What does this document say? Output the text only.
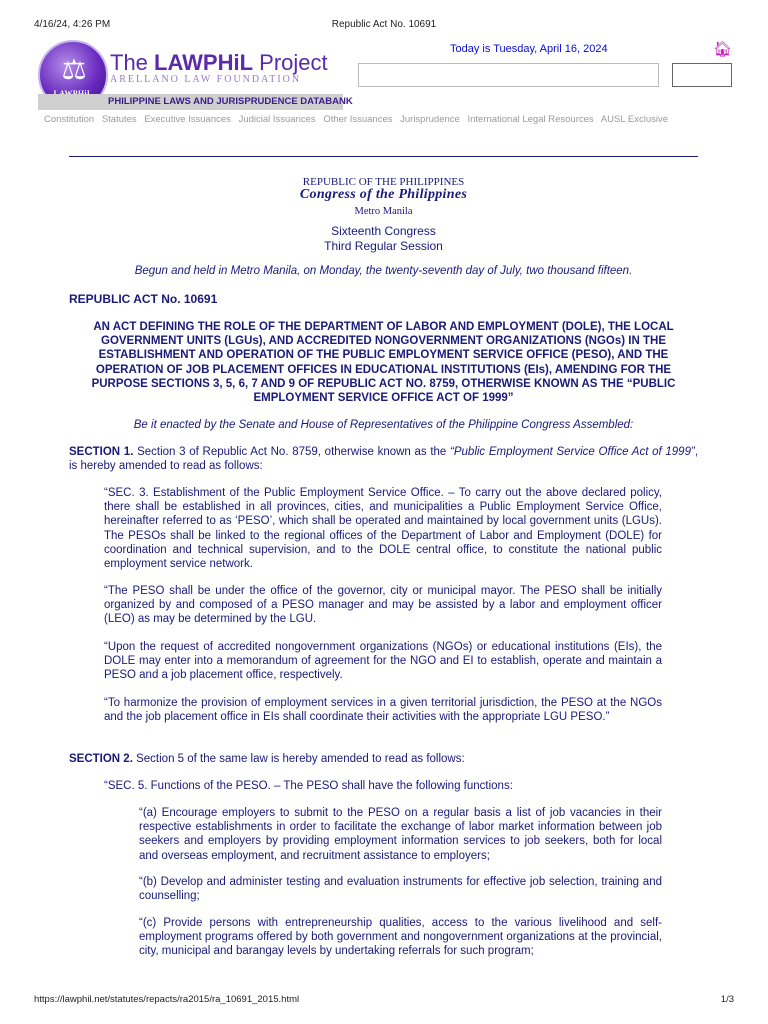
4/16/24, 4:26 PM	Republic Act No. 10691
⚖ The LAWPHiL Project
ARELLANO LAW FOUNDATION
PHILIPPINE LAWS AND JURISPRUDENCE DATABANK
Today is Tuesday, April 16, 2024	🏠︎
Constitution Statutes Executive Issuances Judicial Issuances Other Issuances Jurisprudence International Legal Resources AUSL Exclusive
REPUBLIC OF THE PHILIPPINES
Congress of the Philippines
Metro Manila
Sixteenth Congress
Third Regular Session
Begun and held in Metro Manila, on Monday, the twenty-seventh day of July, two thousand fifteen.
REPUBLIC ACT No. 10691
AN ACT DEFINING THE ROLE OF THE DEPARTMENT OF LABOR AND EMPLOYMENT (DOLE), THE LOCAL GOVERNMENT UNITS (LGUs), AND ACCREDITED NONGOVERNMENT ORGANIZATIONS (NGOs) IN THE ESTABLISHMENT AND OPERATION OF THE PUBLIC EMPLOYMENT SERVICE OFFICE (PESO), AND THE OPERATION OF JOB PLACEMENT OFFICES IN EDUCATIONAL INSTITUTIONS (EIs), AMENDING FOR THE PURPOSE SECTIONS 3, 5, 6, 7 AND 9 OF REPUBLIC ACT NO. 8759, OTHERWISE KNOWN AS THE “PUBLIC EMPLOYMENT SERVICE OFFICE ACT OF 1999”
Be it enacted by the Senate and House of Representatives of the Philippine Congress Assembled:
SECTION 1. Section 3 of Republic Act No. 8759, otherwise known as the “Public Employment Service Office Act of 1999”, is hereby amended to read as follows:
“SEC. 3. Establishment of the Public Employment Service Office. – To carry out the above declared policy, there shall be established in all provinces, cities, and municipalities a Public Employment Service Office, hereinafter referred to as ‘PESO’, which shall be operated and maintained by local government units (LGUs). The PESOs shall be linked to the regional offices of the Department of Labor and Employment (DOLE) for coordination and technical supervision, and to the DOLE central office, to constitute the national public employment service network.
“The PESO shall be under the office of the governor, city or municipal mayor. The PESO shall be initially organized by and composed of a PESO manager and may be assisted by a labor and employment officer (LEO) as may be determined by the LGU.
“Upon the request of accredited nongovernment organizations (NGOs) or educational institutions (EIs), the DOLE may enter into a memorandum of agreement for the NGO and EI to establish, operate and maintain a PESO and a job placement office, respectively.
“To harmonize the provision of employment services in a given territorial jurisdiction, the PESO at the NGOs and the job placement office in EIs shall coordinate their activities with the appropriate LGU PESO.”
SECTION 2. Section 5 of the same law is hereby amended to read as follows:
“SEC. 5. Functions of the PESO. – The PESO shall have the following functions:
“(a) Encourage employers to submit to the PESO on a regular basis a list of job vacancies in their respective establishments in order to facilitate the exchange of labor market information between job seekers and employers by providing employment information services to job seekers, both for local and overseas employment, and recruitment assistance to employers;
“(b) Develop and administer testing and evaluation instruments for effective job selection, training and counselling;
“(c) Provide persons with entrepreneurship qualities, access to the various livelihood and self-employment programs offered by both government and nongovernment organizations at the provincial, city, municipal and barangay levels by undertaking referrals for such program;
https://lawphil.net/statutes/repacts/ra2015/ra_10691_2015.html	1/3
